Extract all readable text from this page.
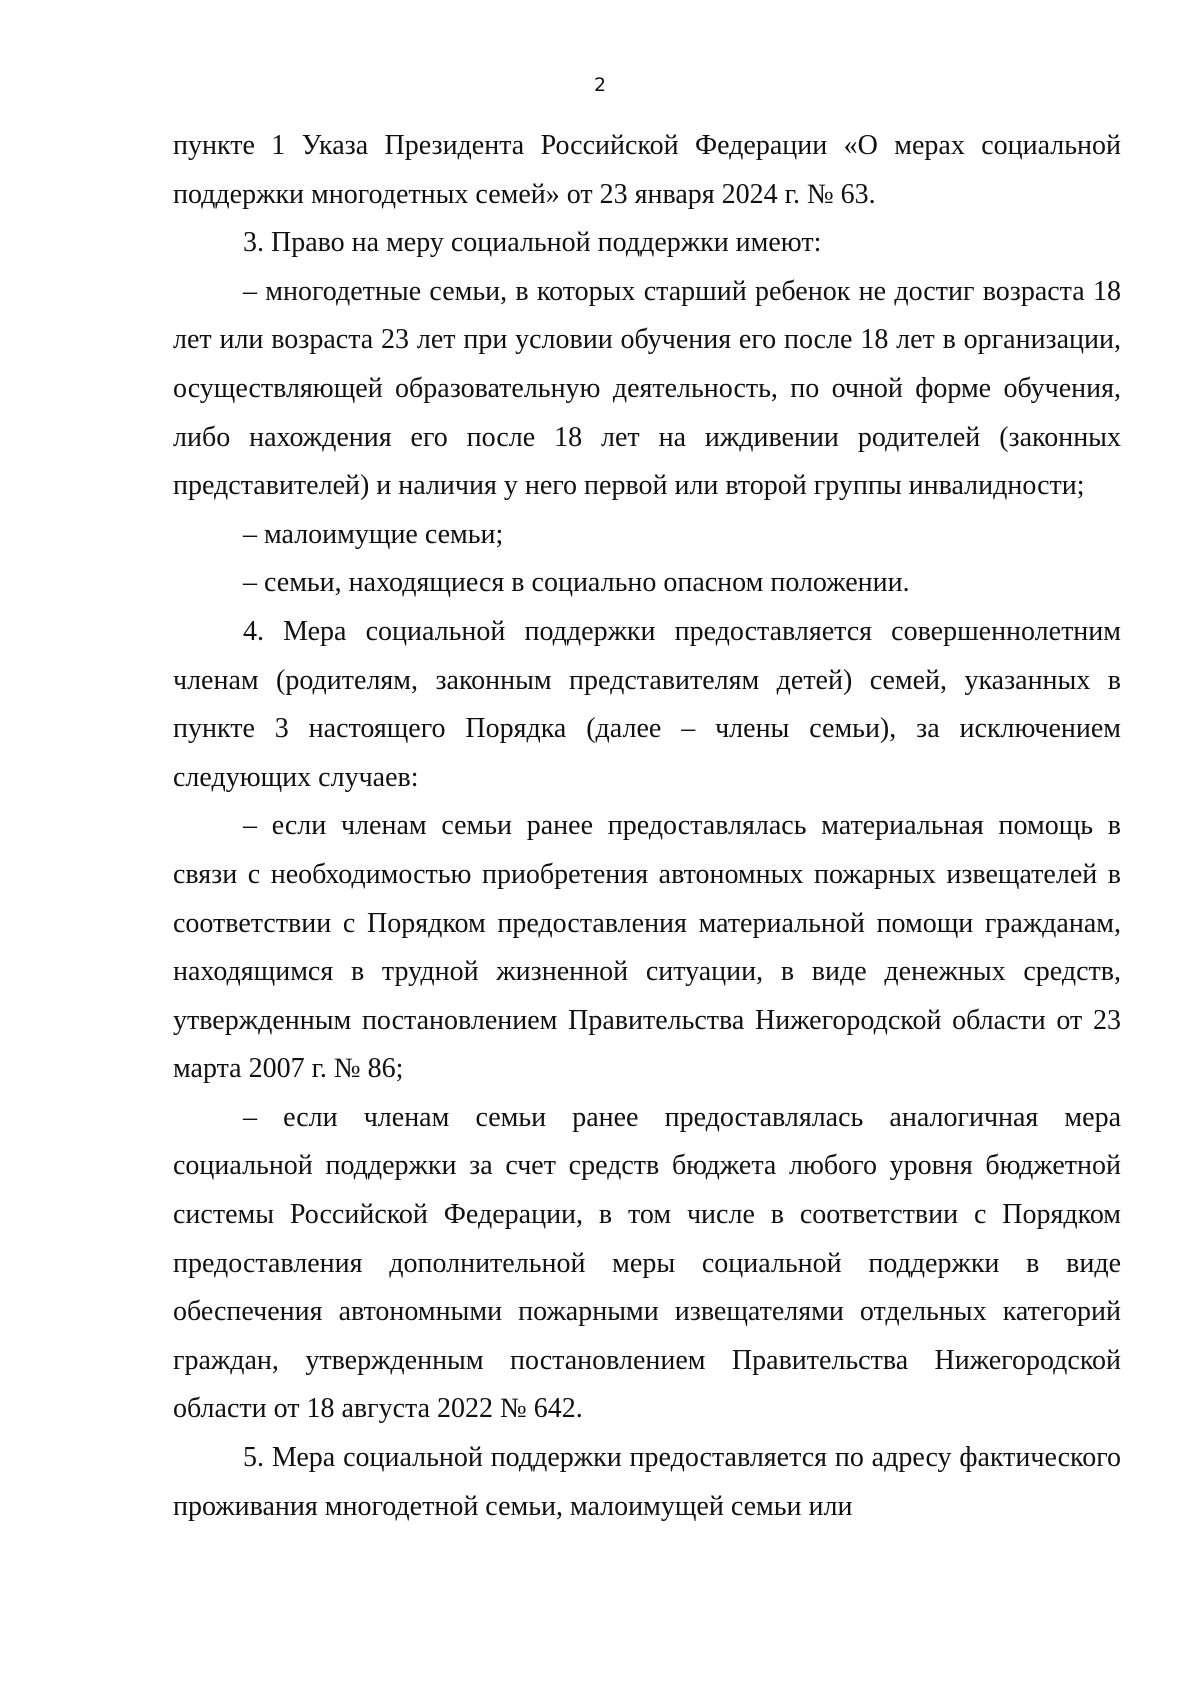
2

пункте 1 Указа Президента Российской Федерации «О мерах социальной поддержки многодетных семей» от 23 января 2024 г. № 63.

3. Право на меру социальной поддержки имеют:

– многодетные семьи, в которых старший ребенок не достиг возраста 18 лет или возраста 23 лет при условии обучения его после 18 лет в организации, осуществляющей образовательную деятельность, по очной форме обучения, либо нахождения его после 18 лет на иждивении родителей (законных представителей) и наличия у него первой или второй группы инвалидности;

– малоимущие семьи;

– семьи, находящиеся в социально опасном положении.

4. Мера социальной поддержки предоставляется совершеннолетним членам (родителям, законным представителям детей) семей, указанных в пункте 3 настоящего Порядка (далее – члены семьи), за исключением следующих случаев:

– если членам семьи ранее предоставлялась материальная помощь в связи с необходимостью приобретения автономных пожарных извещателей в соответствии с Порядком предоставления материальной помощи гражданам, находящимся в трудной жизненной ситуации, в виде денежных средств, утвержденным постановлением Правительства Нижегородской области от 23 марта 2007 г. № 86;

– если членам семьи ранее предоставлялась аналогичная мера социальной поддержки за счет средств бюджета любого уровня бюджетной системы Российской Федерации, в том числе в соответствии с Порядком предоставления дополнительной меры социальной поддержки в виде обеспечения автономными пожарными извещателями отдельных категорий граждан, утвержденным постановлением Правительства Нижегородской области от 18 августа 2022 № 642.

5. Мера социальной поддержки предоставляется по адресу фактического проживания многодетной семьи, малоимущей семьи или
